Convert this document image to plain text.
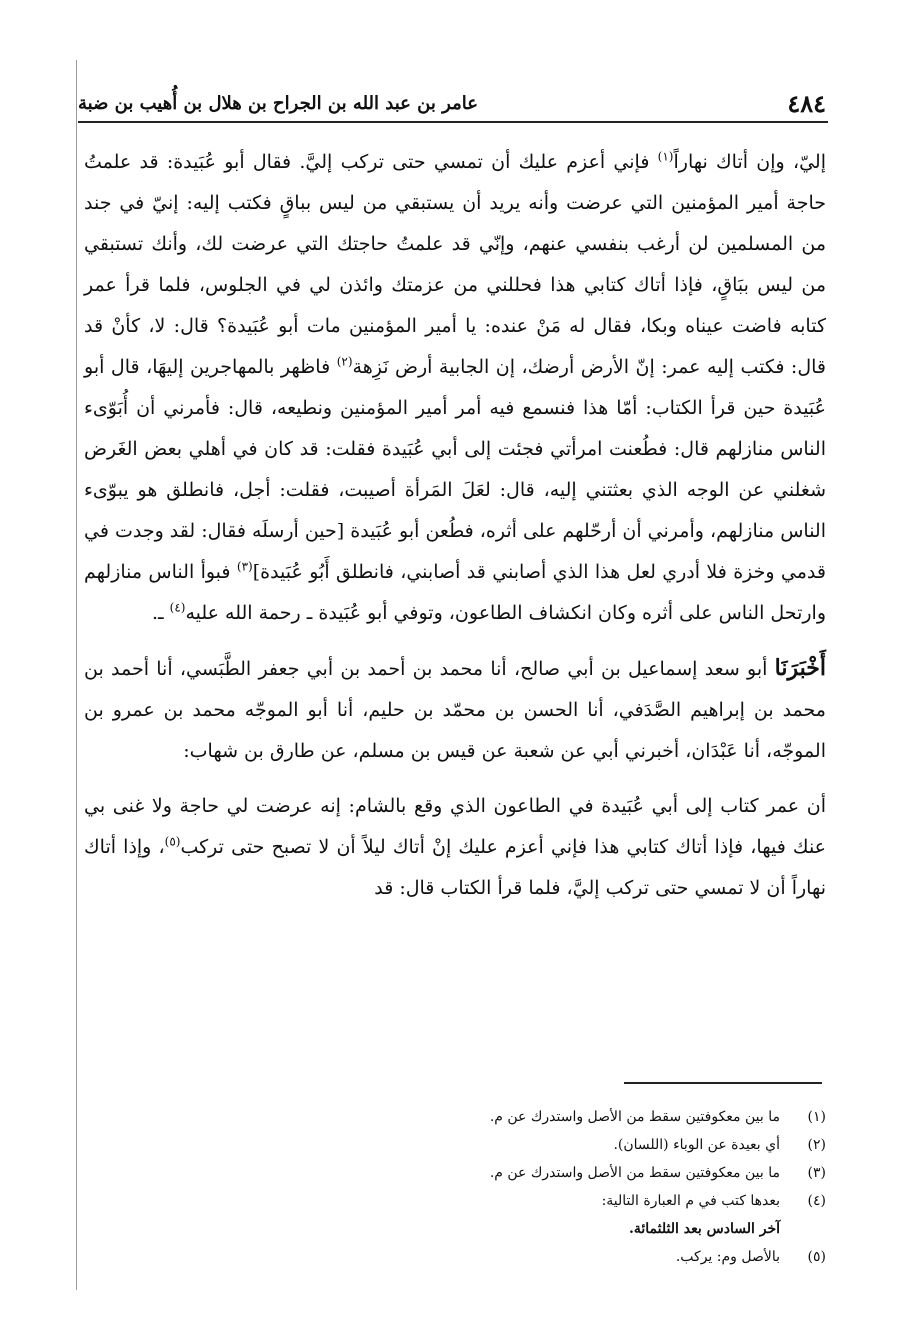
٤٨٤
عامر بن عبد الله بن الجراح بن هلال بن أُهيب بن ضبة

إليّ، وإن أتاك نهاراً$^{(١)}$ فإني أعزم عليك أن تمسي حتى تركب إليَّ. فقال أبو عُبَيدة: قد علمتُ حاجة أمير المؤمنين التي عرضت وأنه يريد أن يستبقي من ليس بباقٍ فكتب إليه: إنيّ في جند من المسلمين لن أرغب بنفسي عنهم، وإنّي قد علمتُ حاجتك التي عرضت لك، وأنك تستبقي من ليس ببَاقٍ، فإذا أتاك كتابي هذا فحللني من عزمتك وائذن لي في الجلوس، فلما قرأ عمر كتابه فاضت عيناه وبكا، فقال له مَنْ عنده: يا أمير المؤمنين مات أبو عُبَيدة؟ قال: لا، كأنْ قد قال: فكتب إليه عمر: إنّ الأرض أرضك، إن الجابية أرض نَزِهة$^{(٢)}$ فاظهر بالمهاجرين إليهَا، قال أبو عُبَيدة حين قرأ الكتاب: أمّا هذا فنسمع فيه أمر أمير المؤمنين ونطيعه، قال: فأمرني أن أُبَوّىء الناس منازلهم قال: فطُعنت امرأتي فجئت إلى أبي عُبَيدة فقلت: قد كان في أهلي بعض الغَرض شغلني عن الوجه الذي بعثتني إليه، قال: لعَلَ المَرأة أصيبت، فقلت: أجل، فانطلق هو يبوّىء الناس منازلهم، وأمرني أن أرحّلهم على أثره، فطُعن أبو عُبَيدة [حين أرسلَه فقال: لقد وجدت في قدمي وخزة فلا أدري لعل هذا الذي أصابني قد أصابني، فانطلق أَبُو عُبَيدة]$^{(٣)}$ فبوأ الناس منازلهم وارتحل الناس على أثره وكان انكشاف الطاعون، وتوفي أبو عُبَيدة ـ رحمة الله عليه$^{(٤)}$ ـ.

أَخْبَرَنَا أبو سعد إسماعيل بن أبي صالح، أنا محمد بن أحمد بن أبي جعفر الطَّبَسي، أنا أحمد بن محمد بن إبراهيم الصَّدَفي، أنا الحسن بن محمّد بن حليم، أنا أبو الموجّه محمد بن عمرو بن الموجّه، أنا عَبْدَان، أخبرني أبي عن شعبة عن قيس بن مسلم، عن طارق بن شهاب:

أن عمر كتاب إلى أبي عُبَيدة في الطاعون الذي وقع بالشام: إنه عرضت لي حاجة ولا غنى بي عنك فيها، فإذا أتاك كتابي هذا فإني أعزم عليك إنْ أتاك ليلاً أن لا تصبح حتى تركب$^{(٥)}$، وإذا أتاك نهاراً أن لا تمسي حتى تركب إليَّ، فلما قرأ الكتاب قال: قد

(١)
ما بين معكوفتين سقط من الأصل واستدرك عن م.
(٢)
أي بعيدة عن الوباء (اللسان).
(٣)
ما بين معكوفتين سقط من الأصل واستدرك عن م.
(٤)
بعدها كتب في م العبارة التالية:
آخر السادس بعد الثلثمائة.
(٥)
بالأصل وم: يركب.
